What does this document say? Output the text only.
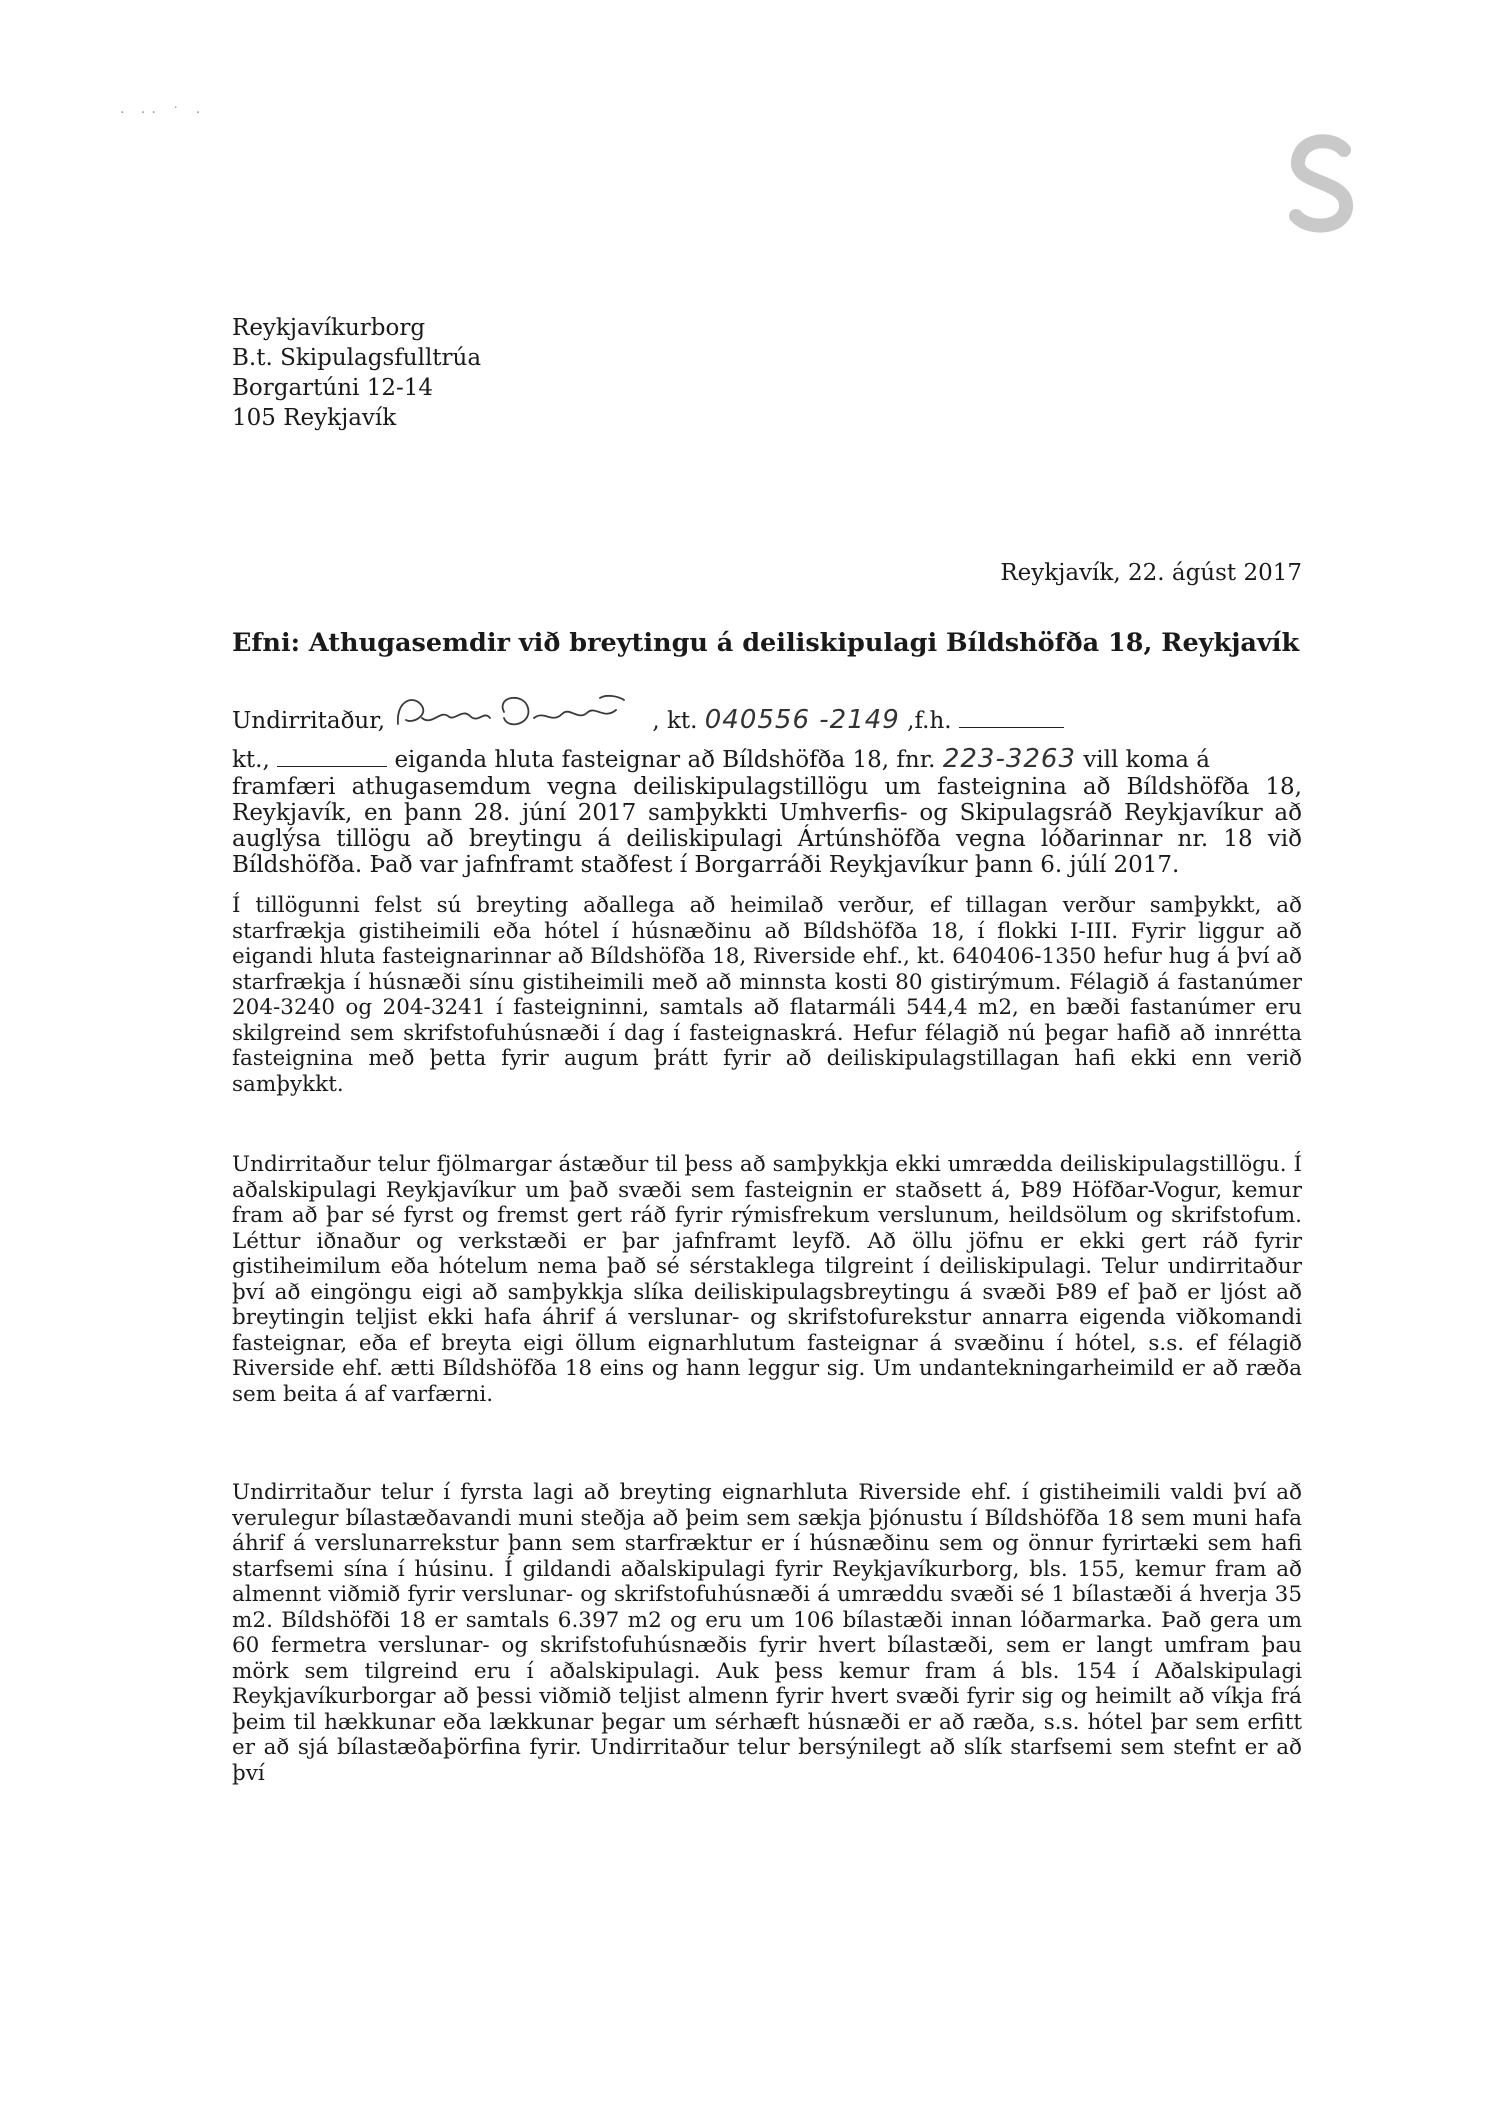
· ·· ˙ ·
Reykjavíkurborg
B.t. Skipulagsfulltrúa
Borgartúni 12-14
105 Reykjavík
Reykjavík, 22. ágúst 2017
Efni: Athugasemdir við breytingu á deiliskipulagi Bíldshöfða 18, Reykjavík

Undirritaður,	, kt. 040556 -2149 ,f.h.

kt.,	eiganda hluta fasteignar að Bíldshöfða 18, fnr. 223-3263 vill koma á

framfæri athugasemdum vegna deiliskipulagstillögu um fasteignina að Bíldshöfða 18, Reykjavík, en þann 28. júní 2017 samþykkti Umhverfis- og Skipulagsráð Reykjavíkur að auglýsa tillögu að breytingu á deiliskipulagi Ártúnshöfða vegna lóðarinnar nr. 18 við Bíldshöfða. Það var jafnframt staðfest í Borgarráði Reykjavíkur þann 6. júlí 2017.

Í tillögunni felst sú breyting aðallega að heimilað verður, ef tillagan verður samþykkt, að starfrækja gistiheimili eða hótel í húsnæðinu að Bíldshöfða 18, í flokki I-III. Fyrir liggur að eigandi hluta fasteignarinnar að Bíldshöfða 18, Riverside ehf., kt. 640406-1350 hefur hug á því að starfrækja í húsnæði sínu gistiheimili með að minnsta kosti 80 gistirýmum. Félagið á fastanúmer 204-3240 og 204-3241 í fasteigninni, samtals að flatarmáli 544,4 m2, en bæði fastanúmer eru skilgreind sem skrifstofuhúsnæði í dag í fasteignaskrá. Hefur félagið nú þegar hafið að innrétta fasteignina með þetta fyrir augum þrátt fyrir að deiliskipulagstillagan hafi ekki enn verið samþykkt.

Undirritaður telur fjölmargar ástæður til þess að samþykkja ekki umrædda deiliskipulagstillögu. Í aðalskipulagi Reykjavíkur um það svæði sem fasteignin er staðsett á, Þ89 Höfðar-Vogur, kemur fram að þar sé fyrst og fremst gert ráð fyrir rýmisfrekum verslunum, heildsölum og skrifstofum. Léttur iðnaður og verkstæði er þar jafnframt leyfð. Að öllu jöfnu er ekki gert ráð fyrir gistiheimilum eða hótelum nema það sé sérstaklega tilgreint í deiliskipulagi. Telur undirritaður því að eingöngu eigi að samþykkja slíka deiliskipulagsbreytingu á svæði Þ89 ef það er ljóst að breytingin teljist ekki hafa áhrif á verslunar- og skrifstofurekstur annarra eigenda viðkomandi fasteignar, eða ef breyta eigi öllum eignarhlutum fasteignar á svæðinu í hótel, s.s. ef félagið Riverside ehf. ætti Bíldshöfða 18 eins og hann leggur sig. Um undantekningarheimild er að ræða sem beita á af varfærni.

Undirritaður telur í fyrsta lagi að breyting eignarhluta Riverside ehf. í gistiheimili valdi því að verulegur bílastæðavandi muni steðja að þeim sem sækja þjónustu í Bíldshöfða 18 sem muni hafa áhrif á verslunarrekstur þann sem starfræktur er í húsnæðinu sem og önnur fyrirtæki sem hafi starfsemi sína í húsinu. Í gildandi aðalskipulagi fyrir Reykjavíkurborg, bls. 155, kemur fram að almennt viðmið fyrir verslunar- og skrifstofuhúsnæði á umræddu svæði sé 1 bílastæði á hverja 35 m2. Bíldshöfði 18 er samtals 6.397 m2 og eru um 106 bílastæði innan lóðarmarka. Það gera um 60 fermetra verslunar- og skrifstofuhúsnæðis fyrir hvert bílastæði, sem er langt umfram þau mörk sem tilgreind eru í aðalskipulagi. Auk þess kemur fram á bls. 154 í Aðalskipulagi Reykjavíkurborgar að þessi viðmið teljist almenn fyrir hvert svæði fyrir sig og heimilt að víkja frá þeim til hækkunar eða lækkunar þegar um sérhæft húsnæði er að ræða, s.s. hótel þar sem erfitt er að sjá bílastæðaþörfina fyrir. Undirritaður telur bersýnilegt að slík starfsemi sem stefnt er að því
